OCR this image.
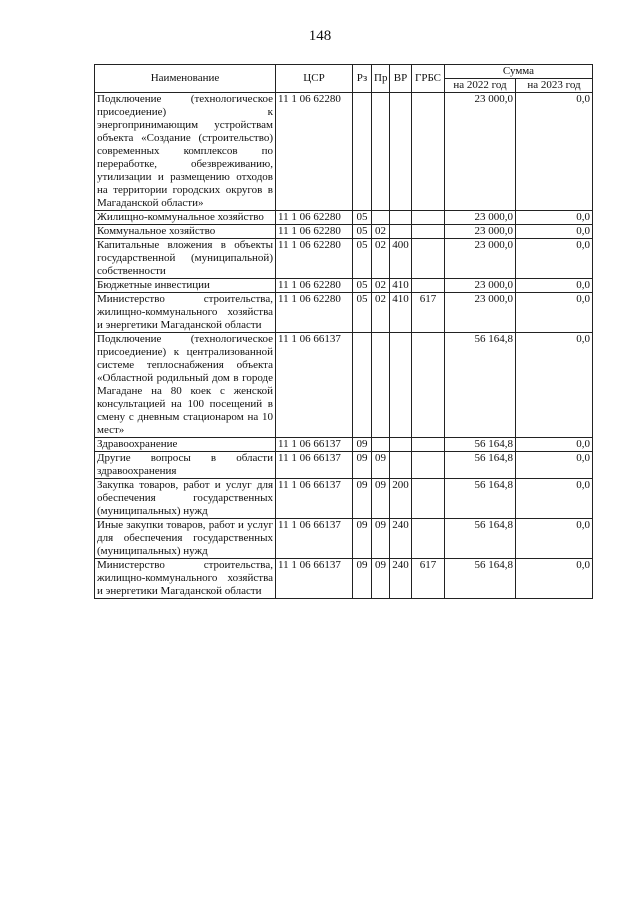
148
Наименование	ЦСР	Рз	Пр	ВР	ГРБС	Сумма	
						на 2022 год	на 2023 год
Подключение (технологическое присоедиение) к энергопринимающим устройствам объекта «Создание (строительство) современных комплексов по переработке, обезвреживанию, утилизации и размещению отходов на территории городских округов в Магаданской области»	11 1 06 62280					23 000,0	0,0
Жилищно-коммунальное хозяйство	11 1 06 62280	05				23 000,0	0,0
Коммунальное хозяйство	11 1 06 62280	05	02			23 000,0	0,0
Капитальные вложения в объекты государственной (муниципальной) собственности	11 1 06 62280	05	02	400		23 000,0	0,0
Бюджетные инвестиции	11 1 06 62280	05	02	410		23 000,0	0,0
Министерство строительства, жилищно-коммунального хозяйства и энергетики Магаданской области	11 1 06 62280	05	02	410	617	23 000,0	0,0
Подключение (технологическое присоедиение) к централизованной системе теплоснабжения объекта «Областной родильный дом в городе Магадане на 80 коек с женской консультацией на 100 посещений в смену с дневным стационаром на 10 мест»	11 1 06 66137					56 164,8	0,0
Здравоохранение	11 1 06 66137	09				56 164,8	0,0
Другие вопросы в области здравоохранения	11 1 06 66137	09	09			56 164,8	0,0
Закупка товаров, работ и услуг для обеспечения государственных (муниципальных) нужд	11 1 06 66137	09	09	200		56 164,8	0,0
Иные закупки товаров, работ и услуг для обеспечения государственных (муниципальных) нужд	11 1 06 66137	09	09	240		56 164,8	0,0
Министерство строительства, жилищно-коммунального хозяйства и энергетики Магаданской области	11 1 06 66137	09	09	240	617	56 164,8	0,0
